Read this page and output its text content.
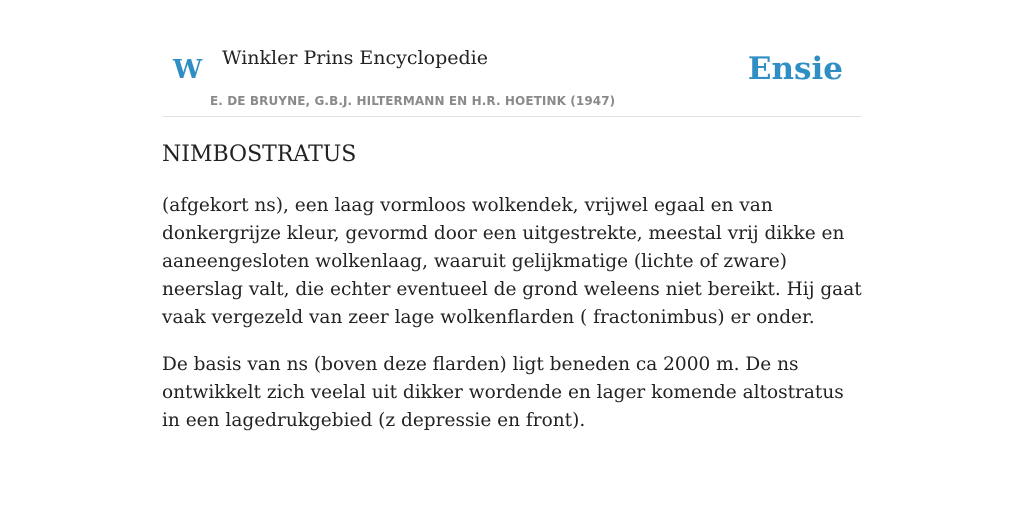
W Winkler Prins Encyclopedie	Ensie
E. DE BRUYNE, G.B.J. HILTERMANN EN H.R. HOETINK (1947)
NIMBOSTRATUS

(afgekort ns), een laag vormloos wolkendek, vrijwel egaal en van donkergrijze kleur, gevormd door een uitgestrekte, meestal vrij dikke en aaneengesloten wolkenlaag, waaruit gelijkmatige (lichte of zware) neerslag valt, die echter eventueel de grond weleens niet bereikt. Hij gaat vaak vergezeld van zeer lage wolkenflarden ( fractonimbus) er onder.

De basis van ns (boven deze flarden) ligt beneden ca 2000 m. De ns ontwikkelt zich veelal uit dikker wordende en lager komende altostratus in een lagedrukgebied (z depressie en front).
